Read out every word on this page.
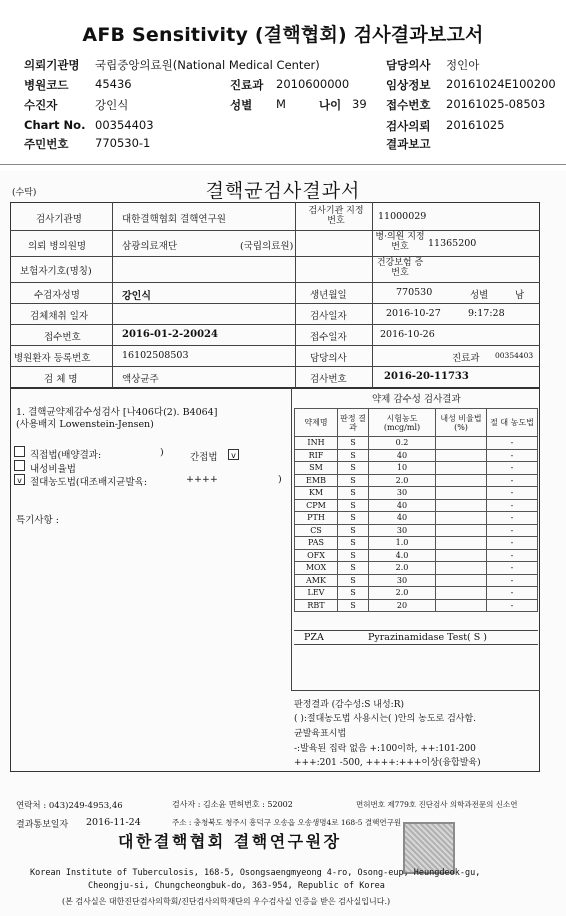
AFB Sensitivity (결핵협회) 검사결과보고서
의뢰기관명 국립중앙의료원(National Medical Center)	담당의사 정인아
병원코드 45436	진료과 2010600000	임상정보 20161024E100200
수진자	강인식	성별 M	나이 39 접수번호 20161025-08503
Chart No. 00354403	검사의뢰 20161025
주민번호 770530-1	결과보고
(수탁)	결핵균검사결과서
검사기관명	대한결핵협회 결핵연구원
검사기관 지정번호	11000029
의뢰 병의원명	삼광의료재단	(국립의료원)
병·의원 지정번호	11365200
보험자기호(명칭)
건강보험 증번호
수검자성명	강인식	생년월일	770530	성별	남
검체채취 일자	검사일자	2016-10-27	9:17:28
접수번호	2016-01-2-20024	접수일자	2016-10-26
병원환자 등록번호	16102508503	담당의사	진료과 00354403
검 체 명	액상균주	검사번호	2016-20-11733
1. 결핵균약제감수성검사 [나406다(2). B4064]
(사용배지 Lowenstein-Jensen)
직접법(배양결과:	)	간접법	v
내성비율법
v 절대농도법(대조배지균발육:	++++	)
특기사항 :
약제 감수성 검사결과
약제명	판정 결과	시험농도 (mcg/ml)	내성 비율법(%)	절 대 농도법
INH	S	0.2		-
RIF	S	40		-
SM	S	10		-
EMB	S	2.0		-
KM	S	30		-
CPM	S	40		-
PTH	S	40		-
CS	S	30		-
PAS	S	1.0		-
OFX	S	4.0		-
MOX	S	2.0		-
AMK	S	30		-
LEV	S	2.0		-
RBT	S	20		-
PZA	Pyrazinamidase Test( S )
판정결과 (감수성:S 내성:R)
( ):절대농도법 사용시는( )안의 농도로 검사함.
균발육표시법
-:발육된 집락 없음 +:100이하, ++:101-200
+++:201 -500, ++++:+++이상(융합발육)
연락처 : 043)249-4953,46	검사자 : 김소윤 면허번호 : 52002	면허번호 제779호 진단검사 의학과전문의 신소연
결과통보일자 2016-11-24	주소 : 충청북도 청주시 흥덕구 오송읍 오송생명4로 168-5 결핵연구원
대한결핵협회 결핵연구원장
Korean Institute of Tuberculosis, 168-5, Osongsaengmyeong 4-ro, Osong-eup, Heungdeok-gu,
Cheongju-si, Chungcheongbuk-do, 363-954, Republic of Korea
(본 검사실은 대한진단검사의학회/진단검사의학재단의 우수검사실 인증을 받은 검사실입니다.)
